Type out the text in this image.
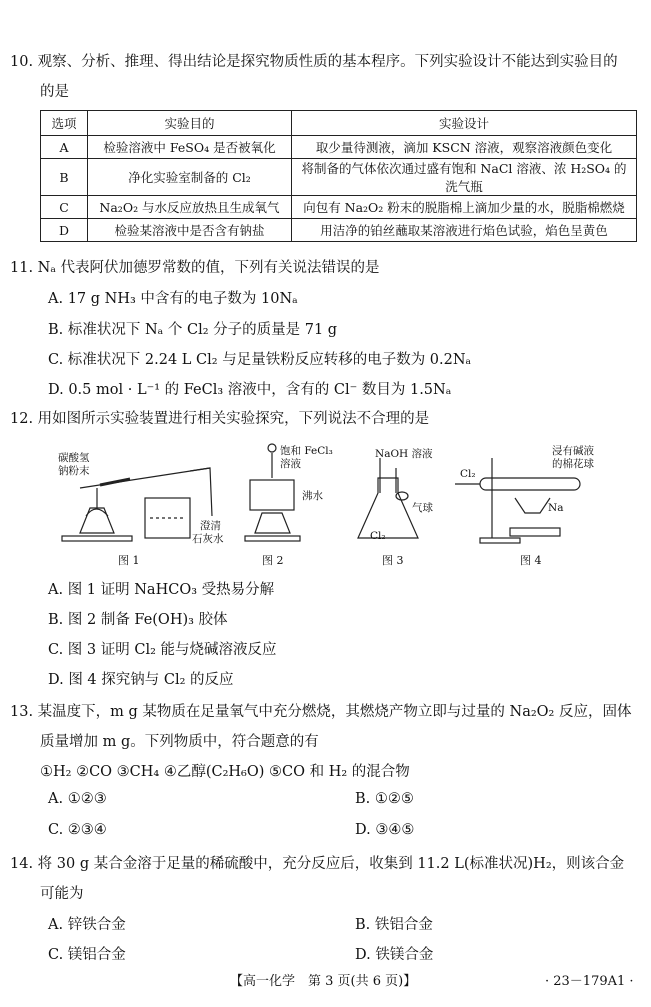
10. 观察、分析、推理、得出结论是探究物质性质的基本程序。下列实验设计不能达到实验目的
的是
选项	实验目的	实验设计
A	检验溶液中 FeSO₄ 是否被氧化	取少量待测液，滴加 KSCN 溶液，观察溶液颜色变化
B	净化实验室制备的 Cl₂	将制备的气体依次通过盛有饱和 NaCl 溶液、浓 H₂SO₄ 的洗气瓶
C	Na₂O₂ 与水反应放热且生成氧气	向包有 Na₂O₂ 粉末的脱脂棉上滴加少量的水，脱脂棉燃烧
D	检验某溶液中是否含有钠盐	用洁净的铂丝蘸取某溶液进行焰色试验，焰色呈黄色
11. Nₐ 代表阿伏加德罗常数的值，下列有关说法错误的是
A. 17 g NH₃ 中含有的电子数为 10Nₐ
B. 标准状况下 Nₐ 个 Cl₂ 分子的质量是 71 g
C. 标准状况下 2.24 L Cl₂ 与足量铁粉反应转移的电子数为 0.2Nₐ
D. 0.5 mol · L⁻¹ 的 FeCl₃ 溶液中，含有的 Cl⁻ 数目为 1.5Nₐ
12. 用如图所示实验装置进行相关实验探究，下列说法不合理的是
碳酸氢
钠粉末
澄清
石灰水
饱和 FeCl₃
溶液
沸水
NaOH 溶液
气球
Cl₂
浸有碱液
的棉花球
Cl₂
Na
图 1	图 2	图 3	图 4
A. 图 1 证明 NaHCO₃ 受热易分解
B. 图 2 制备 Fe(OH)₃ 胶体
C. 图 3 证明 Cl₂ 能与烧碱溶液反应
D. 图 4 探究钠与 Cl₂ 的反应
13. 某温度下，m g 某物质在足量氧气中充分燃烧，其燃烧产物立即与过量的 Na₂O₂ 反应，固体
质量增加 m g。下列物质中，符合题意的有
①H₂ ②CO ③CH₄ ④乙醇(C₂H₆O) ⑤CO 和 H₂ 的混合物
A. ①②③	B. ①②⑤
C. ②③④	D. ③④⑤
14. 将 30 g 某合金溶于足量的稀硫酸中，充分反应后，收集到 11.2 L(标准状况)H₂，则该合金
可能为
A. 锌铁合金	B. 铁铝合金
C. 镁铝合金	D. 铁镁合金
【高一化学　第 3 页(共 6 页)】	· 23－179A1 ·
